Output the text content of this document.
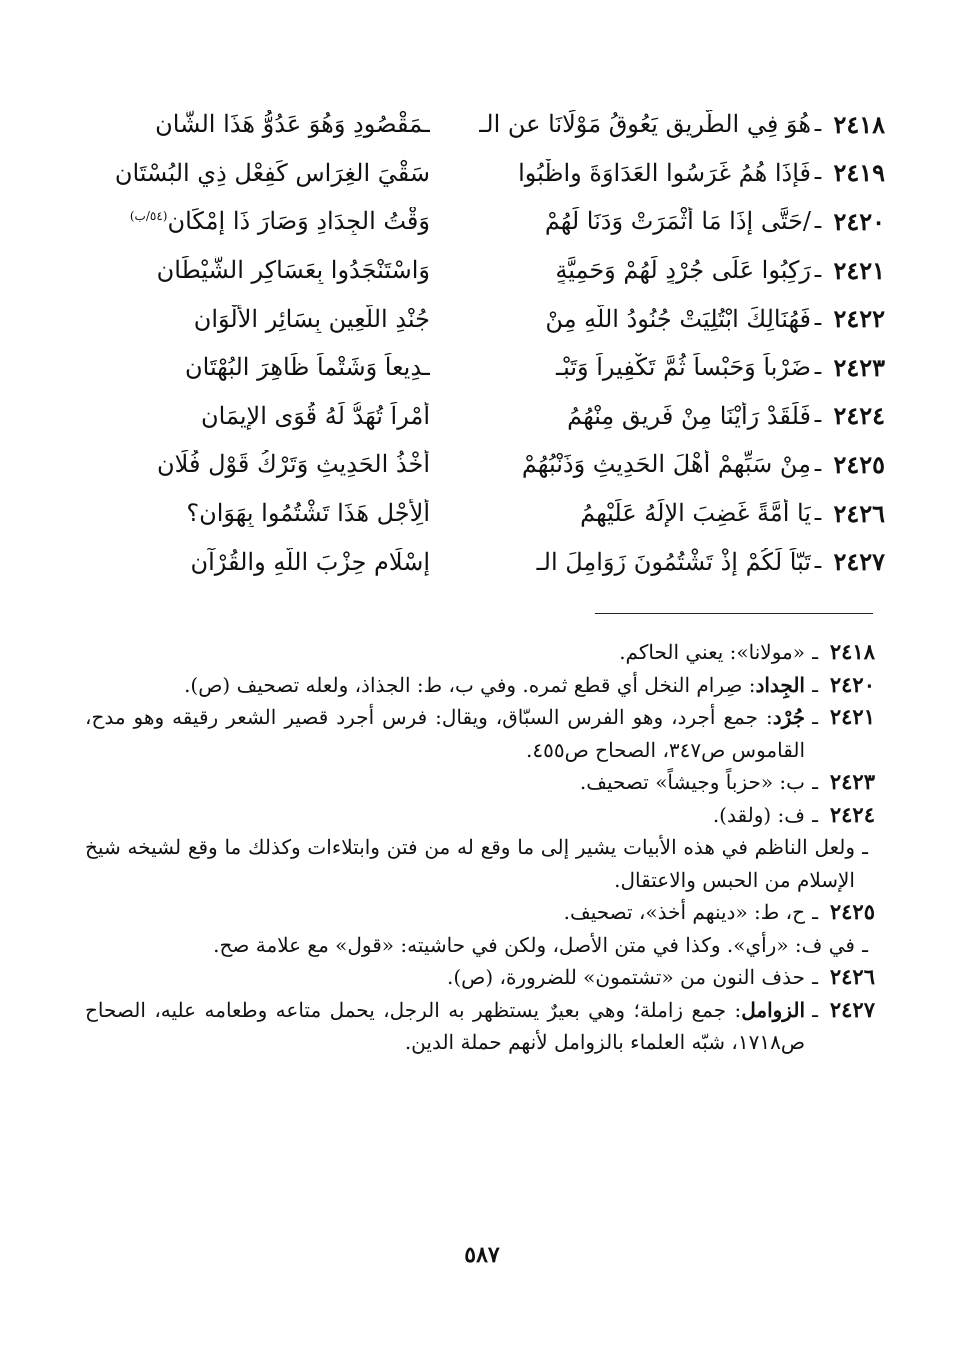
٢٤١٨
ـ
هُوَ فِي الطَّرِيقِ يَعُوقُ مَوْلَانَا عن الـ
ـمَقْصُودِ وَهُوَ عَدُوُّ هَذَا الشَّانِ
٢٤١٩
ـ
فَإِذَا هُمُ غَرَسُوا العَدَاوَةَ واظْبُوا
سَقْيَ الغِرَاسِ كَفِعْلِ ذِي البُسْتَانِ
٢٤٢٠
ـ
/حَتَّى إِذَا مَا أَثْمَرَتْ وَدَنَا لَهُمْ
وَقْتُ الجِدَادِ وَصَارَ ذَا إِمْكَانِ$^{(٥٤/ب)}$
٢٤٢١
ـ
رَكِبُوا عَلَى جُرْدٍ لَهُمْ وَحَمِيَّةٍ
وَاسْتَنْجَدُوا بِعَسَاكِرِ الشَّيْطَانِ
٢٤٢٢
ـ
فَهُنَالِكَ ابْتُلِيَتْ جُنُودُ اللَّهِ مِنْ
جُنْدِ اللَّعِينِ بِسَائِرِ الأَلْوَانِ
٢٤٢٣
ـ
ضَرْباً وَحَبْساً ثُمَّ تَكْفِيراً وَتَبْـ
ـدِيعاً وَشَتْماً ظَاهِرَ البُهْتَانِ
٢٤٢٤
ـ
فَلَقَدْ رَأَيْنَا مِنْ فَرِيقٍ مِنْهُمُ
أَمْراً تُهَدُّ لَهُ قُوَى الإِيمَانِ
٢٤٢٥
ـ
مِنْ سَبِّهِمْ أَهْلَ الحَدِيثِ وَذَنْبُهُمْ
أَخْذُ الحَدِيثِ وَتَرْكُ قَوْلِ فُلَانِ
٢٤٢٦
ـ
يَا أُمَّةً غَضِبَ الإِلَهُ عَلَيْهِمُ
أَلِأَجْلِ هَذَا تَشْتُمُوا بِهَوَانِ؟
٢٤٢٧
ـ
تَبّاً لَكُمْ إِذْ تَشْتُمُونَ زَوَامِلَ الـ
إِسْلَامِ حِزْبَ اللَّهِ والقُرْآنِ
٢٤١٨
ـ
«مولانا»: يعني الحاكم.
٢٤٢٠
ـ
الجِداد: صِرام النخل أي قطع ثمره. وفي ب، ط: الجذاذ، ولعله تصحيف (ص).
٢٤٢١
ـ
جُرْد: جمع أجرد، وهو الفرس السبّاق، ويقال: فرس أجرد قصير الشعر رقيقه وهو مدح، القاموس ص٣٤٧، الصحاح ص٤٥٥.
٢٤٢٣
ـ
ب: «حزباً وجيشاً» تصحيف.
٢٤٢٤
ـ
ف: (ولقد).
ـ
ولعل الناظم في هذه الأبيات يشير إلى ما وقع له من فتن وابتلاءات وكذلك ما وقع لشيخه شيخ الإسلام من الحبس والاعتقال.
٢٤٢٥
ـ
ح، ط: «دينهم أخذ»، تصحيف.
ـ
في ف: «رأي». وكذا في متن الأصل، ولكن في حاشيته: «قول» مع علامة صح.
٢٤٢٦
ـ
حذف النون من «تشتمون» للضرورة، (ص).
٢٤٢٧
ـ
الزوامل: جمع زاملة؛ وهي بعيرٌ يستظهر به الرجل، يحمل متاعه وطعامه عليه، الصحاح ص١٧١٨، شبّه العلماء بالزوامل لأنهم حملة الدين.
٥٨٧
